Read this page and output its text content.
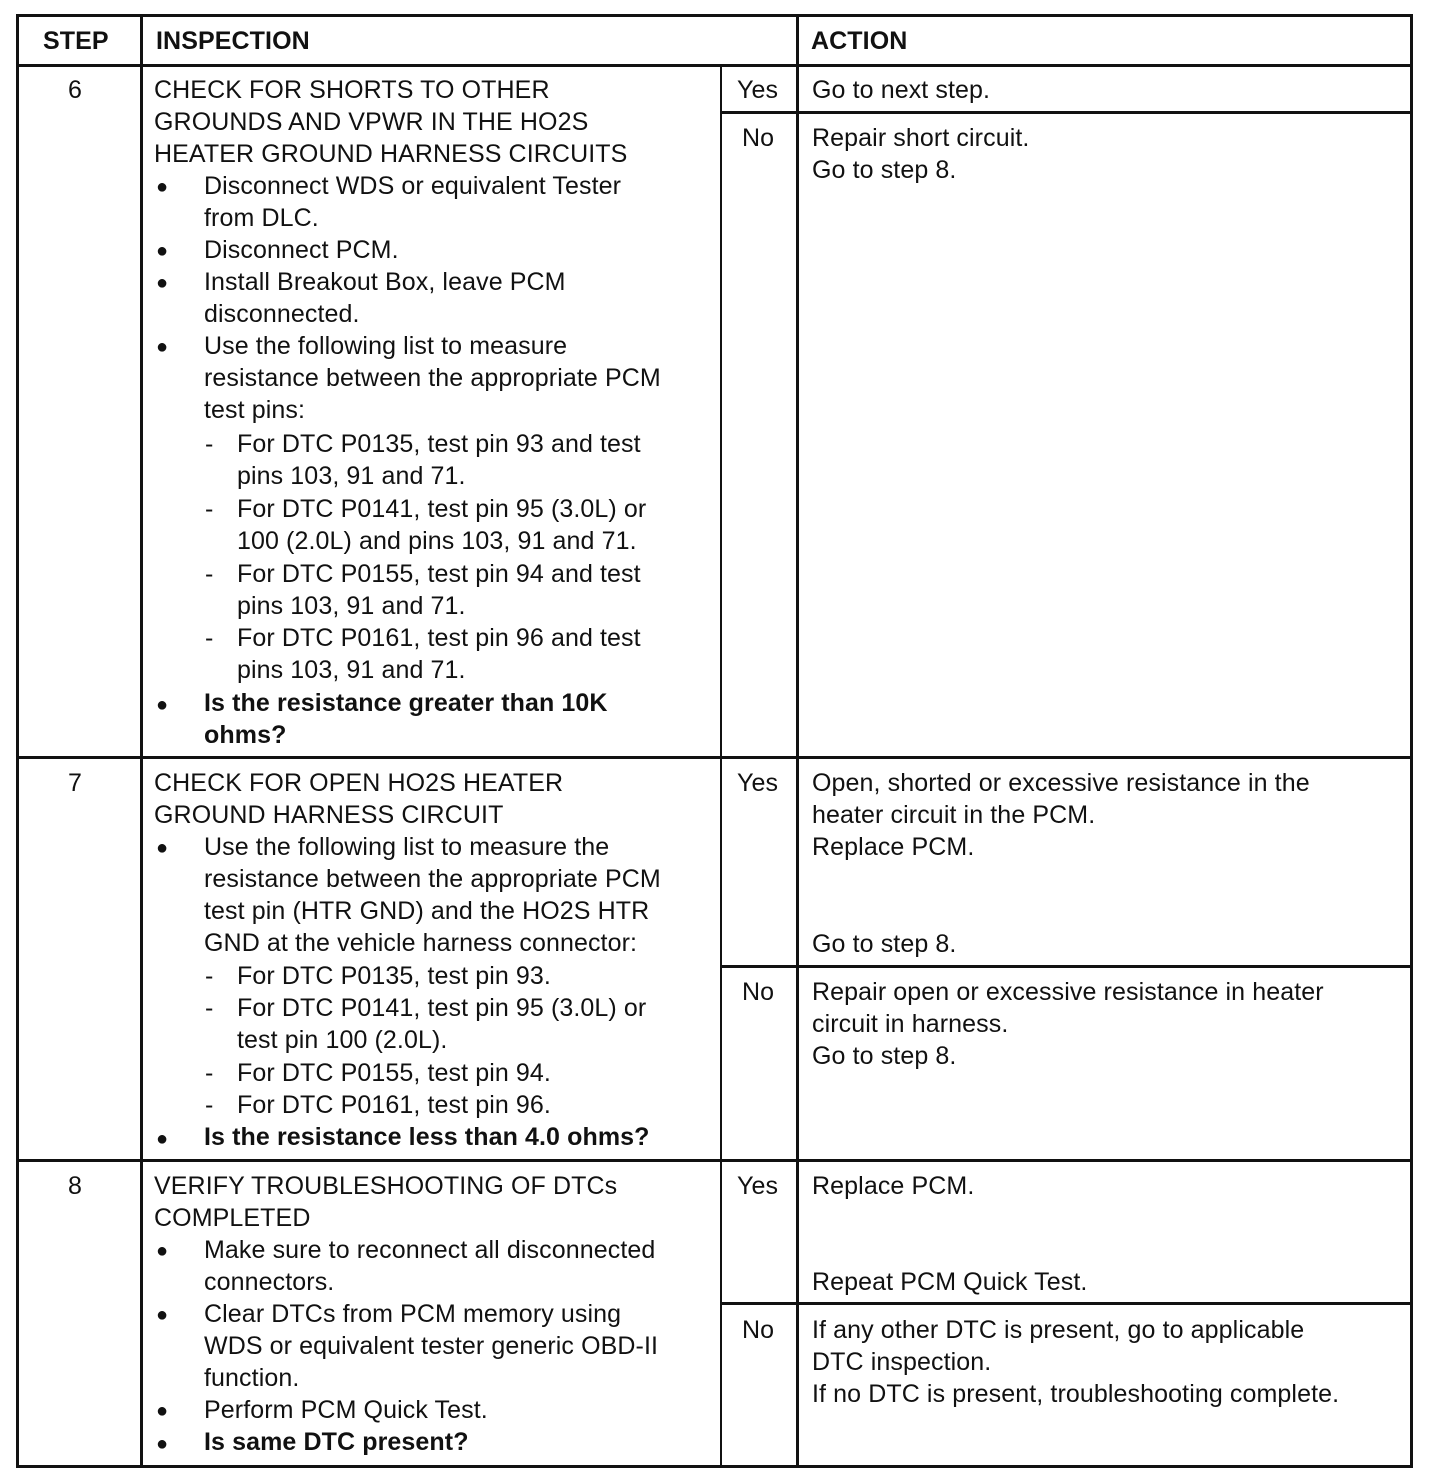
STEP INSPECTION	ACTION
6	CHECK FOR SHORTS TO OTHER
GROUNDS AND VPWR IN THE HO2S
HEATER GROUND HARNESS CIRCUITS
● Disconnect WDS or equivalent Tester
from DLC.
● Disconnect PCM.
● Install Breakout Box, leave PCM
disconnected.
● Use the following list to measure
resistance between the appropriate PCM
test pins:
- For DTC P0135, test pin 93 and test
pins 103, 91 and 71.
- For DTC P0141, test pin 95 (3.0L) or
100 (2.0L) and pins 103, 91 and 71.
- For DTC P0155, test pin 94 and test
pins 103, 91 and 71.
- For DTC P0161, test pin 96 and test
pins 103, 91 and 71.
● Is the resistance greater than 10K
ohms?
Yes Go to next step.
No Repair short circuit.
Go to step 8.
7	CHECK FOR OPEN HO2S HEATER
GROUND HARNESS CIRCUIT
● Use the following list to measure the
resistance between the appropriate PCM
test pin (HTR GND) and the HO2S HTR
GND at the vehicle harness connector:
- For DTC P0135, test pin 93.
- For DTC P0141, test pin 95 (3.0L) or
test pin 100 (2.0L).
- For DTC P0155, test pin 94.
- For DTC P0161, test pin 96.
● Is the resistance less than 4.0 ohms?
Yes Open, shorted or excessive resistance in the
heater circuit in the PCM.
Replace PCM.
Go to step 8.
No Repair open or excessive resistance in heater
circuit in harness.
Go to step 8.
8	VERIFY TROUBLESHOOTING OF DTCs
COMPLETED
● Make sure to reconnect all disconnected
connectors.
● Clear DTCs from PCM memory using
WDS or equivalent tester generic OBD-II
function.
● Perform PCM Quick Test.
● Is same DTC present?
Yes Replace PCM.
Repeat PCM Quick Test.
No If any other DTC is present, go to applicable
DTC inspection.
If no DTC is present, troubleshooting complete.
